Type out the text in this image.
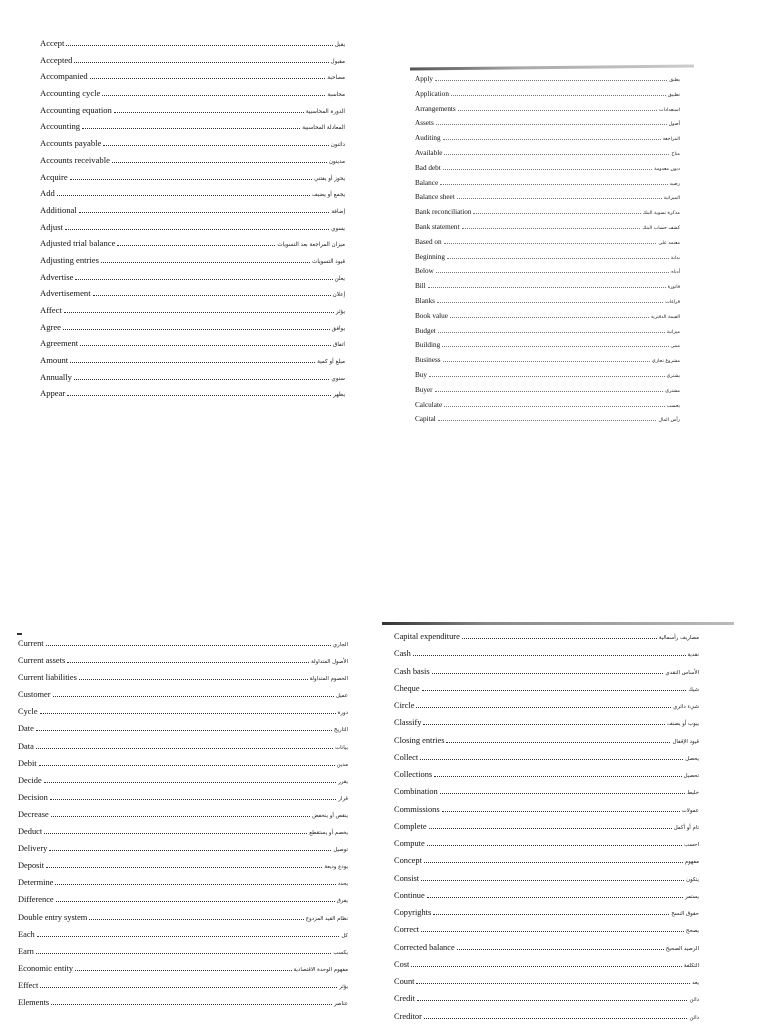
Accept	يقبل
Accepted	مقبول
Accompanied	مصاحبة
Accounting cycle	محاسبة
Accounting equation	الدورة المحاسبية
Accounting	المعادلة المحاسبية
Accounts payable	دائنون
Accounts receivable	مدينون
Acquire	يحوز أو يقتني
Add	يجمع أو يضيف
Additional	إضافة
Adjust	يسوي
Adjusted trial balance	ميزان المراجعة بعد التسويات
Adjusting entries	قيود التسويات
Advertise	يعلن
Advertisement	إعلان
Affect	يؤثر
Agree	يوافق
Agreement	اتفاق
Amount	مبلغ أو كمية
Annually	سنوي
Appear	يظهر
Apply	يطبق
Application	تطبيق
Arrangements	استعدادات
Assets	أصول
Auditing	المراجعة
Available	متاح
Bad debt	ديون معدومة
Balance	رصيد
Balance sheet	الميزانية
Bank reconciliation	مذكرة تسوية البنك
Bank statement	كشف حساب البنك
Based on	معتمد على
Beginning	بداية
Below	أدناه
Bill	فاتورة
Blanks	فراغات
Book value	القيمة الدفترية
Budget	ميزانية
Building	مبنى
Business	مشروع تجاري
Buy	يشتري
Buyer	مشتري
Calculate	يحسب
Capital	رأس المال
Current	الجاري
Current assets	الأصول المتداولة
Current liabilities	الخصوم المتداولة
Customer	عميل
Cycle	دورة
Date	التاريخ
Data	بيانات
Debit	مدين
Decide	يقرر
Decision	قرار
Decrease	ينقص أو ينخفض
Deduct	يخصم أو يستقطع
Delivery	توصيل
Deposit	يودع وديعة
Determine	يحدد
Difference	يفرق
Double entry system	نظام القيد المزدوج
Each	كل
Earn	يكسب
Economic entity	مفهوم الوحدة الاقتصادية
Effect	يؤثر
Elements	عناصر
Capital expenditure	مصاريف رأسمالية
Cash	نقدية
Cash basis	الأساس النقدي
Cheque	شيك
Circle	شيء دائري
Classify	يبوب أو يصنف
Closing entries	قيود الإقفال
Collect	يحصل
Collections	تحصيل
Combination	خليط
Commissions	عمولات
Complete	تام أو أكمل
Compute	احسب
Concept	مفهوم
Consist	يتكون
Continue	يستمر
Copyrights	حقوق النسخ
Correct	يصحح
Corrected balance	الرصيد الصحيح
Cost	التكلفة
Count	يعد
Credit	دائن
Creditor	دائن
